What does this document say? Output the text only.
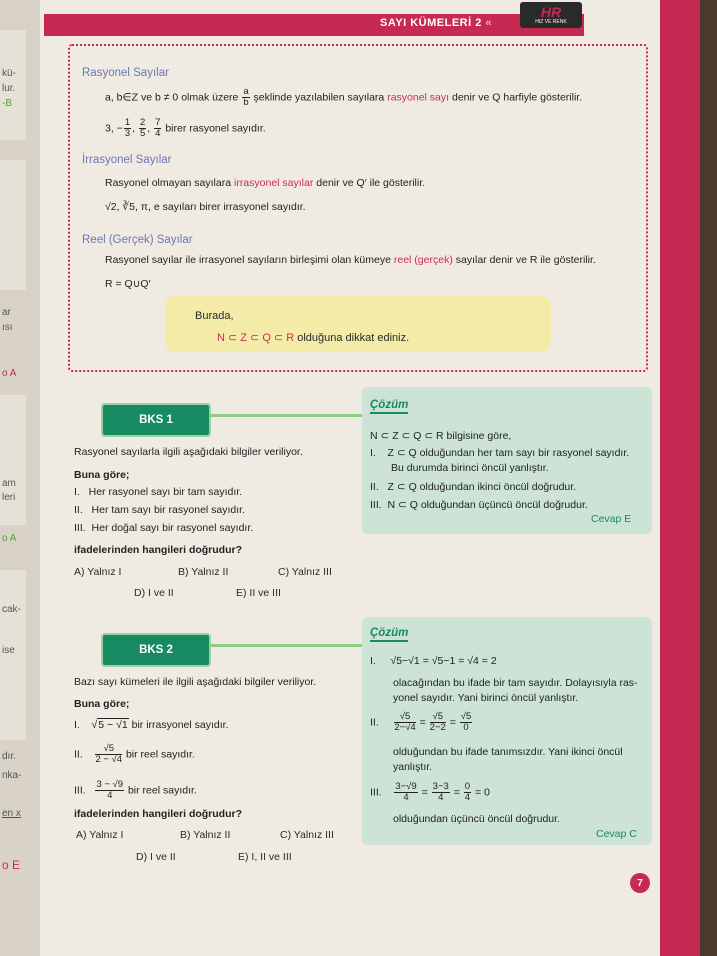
kü-
lur.
-B
ar
ısı
o A
am
leri
o A
cak-
ise
dır.
nka-
en x
o E
SAYI KÜMELERİ 2 «
HR
HIZ VE RENK
Rasyonel Sayılar
a, b∈Z ve b ≠ 0 olmak üzere $\frac{a}{b}$ şeklinde yazılabilen sayılara rasyonel sayı denir ve Q harfiyle gösterilir.
3, − $\frac{1}{3}$ , $\frac{2}{5}$ , $\frac{7}{4}$ birer rasyonel sayıdır.
İrrasyonel Sayılar
Rasyonel olmayan sayılara irrasyonel sayılar denir ve Q′ ile gösterilir.
√2, ∛5, π, e sayıları birer irrasyonel sayıdır.
Reel (Gerçek) Sayılar
Rasyonel sayılar ile irrasyonel sayıların birleşimi olan kümeye reel (gerçek) sayılar denir ve R ile gösterilir.
R = Q∪Q′
Burada,
N ⊂ Z ⊂ Q ⊂ R olduğuna dikkat ediniz.
BKS 1
Rasyonel sayılarla ilgili aşağıdaki bilgiler veriliyor.
Buna göre;
I. Her rasyonel sayı bir tam sayıdır.
II. Her tam sayı bir rasyonel sayıdır.
III. Her doğal sayı bir rasyonel sayıdır.
ifadelerinden hangileri doğrudur?
A) Yalnız I	B) Yalnız II	C) Yalnız III
D) I ve II	E) II ve III
Çözüm
N ⊂ Z ⊂ Q ⊂ R bilgisine göre,
I. Z ⊂ Q olduğundan her tam sayı bir rasyonel sayıdır.
Bu durumda birinci öncül yanlıştır.
II. Z ⊂ Q olduğundan ikinci öncül doğrudur.
III. N ⊂ Q olduğundan üçüncü öncül doğrudur.
Cevap E
BKS 2
Bazı sayı kümeleri ile ilgili aşağıdaki bilgiler veriliyor.
Buna göre;
I.    √5 − √1 bir irrasyonel sayıdır.
II. $\frac{√5}{2 - √4}$ bir reel sayıdır.
III. $\frac{3 - √9}{4}$ bir reel sayıdır.
ifadelerinden hangileri doğrudur?
A) Yalnız I	B) Yalnız II	C) Yalnız III
D) I ve II	E) I, II ve III
Çözüm
I. √5−√1 = √5−1 = √4 = 2
olacağından bu ifade bir tam sayıdır. Dolayısıyla ras-
yonel sayıdır. Yani birinci öncül yanlıştır.
II. $\frac{√5}{2-√4} = \frac{√5}{2-2} = \frac{√5}{0}$
olduğundan bu ifade tanımsızdır. Yani ikinci öncül
yanlıştır.
III. $\frac{3-√9}{4} = \frac{3-3}{4} = \frac{0}{4} = 0$
olduğundan üçüncü öncül doğrudur.
Cevap C
7
